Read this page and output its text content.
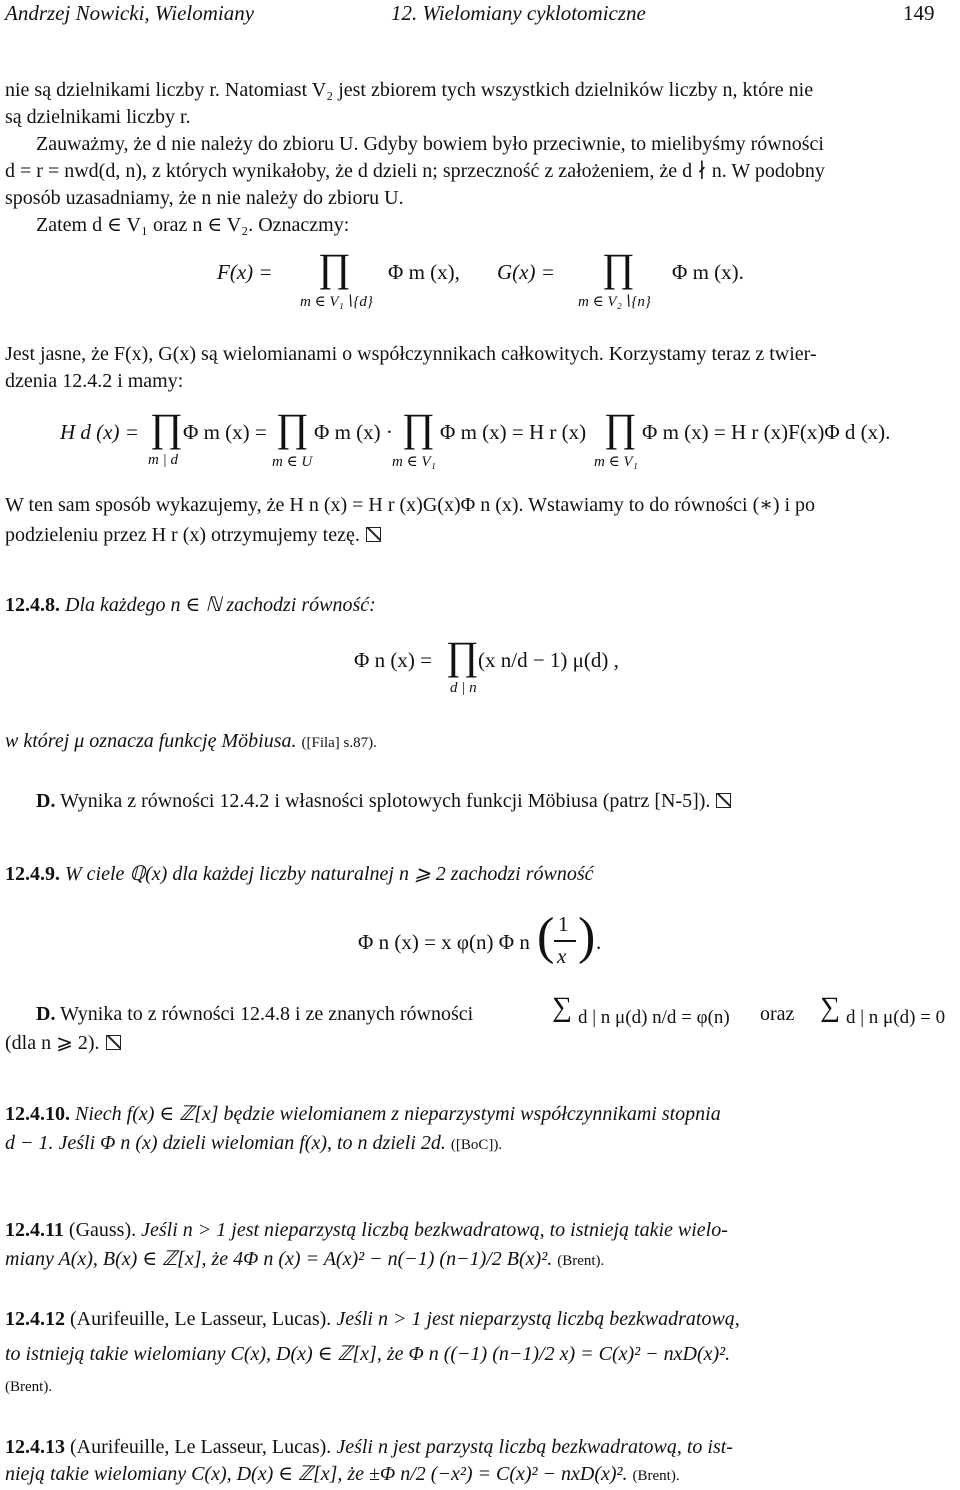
Andrzej Nowicki, Wielomiany	12. Wielomiany cyklotomiczne	149
nie są dzielnikami liczby r. Natomiast V₂ jest zbiorem tych wszystkich dzielników liczby n, które nie
są dzielnikami liczby r.
Zauważmy, że d nie należy do zbioru U. Gdyby bowiem było przeciwnie, to mielibyśmy równości
d = r = nwd(d, n), z których wynikałoby, że d dzieli n; sprzeczność z założeniem, że d ∤ n. W podobny
sposób uzasadniamy, że n nie należy do zbioru U.
Zatem d ∈ V₁ oraz n ∈ V₂. Oznaczmy:
F(x) = ∏ Φ m (x),
m ∈ V₁∖{d}
G(x) = ∏ Φ m (x).
m ∈ V₂∖{n}
Jest jasne, że F(x), G(x) są wielomianami o współczynnikach całkowitych. Korzystamy teraz z twier-
dzenia 12.4.2 i mamy:
H d (x) = ∏ Φ m (x) =
m | d
∏ Φ m (x) ·
m ∈ U
∏ Φ m (x) = H r (x)
m ∈ V₁
∏ Φ m (x) = H r (x)F(x)Φ d (x).
m ∈ V₁
W ten sam sposób wykazujemy, że H n (x) = H r (x)G(x)Φ n (x). Wstawiamy to do równości (∗) i po
podzieleniu przez H r (x) otrzymujemy tezę.
12.4.8. Dla każdego n ∈ ℕ zachodzi równość:
Φ n (x) = ∏ (x n/d − 1) μ(d) ,
d | n
w której μ oznacza funkcję Möbiusa. ([Fila] s.87).
D. Wynika z równości 12.4.2 i własności splotowych funkcji Möbiusa (patrz [N-5]).
12.4.9. W ciele ℚ(x) dla każdej liczby naturalnej n ⩾ 2 zachodzi równość
Φ n (x) = x φ(n) Φ n ( 1
x ) .
D. Wynika to z równości 12.4.8 i ze znanych równości	∑ d | n μ(d) n/d = φ(n) oraz ∑ d | n μ(d) = 0
(dla n ⩾ 2).
12.4.10. Niech f(x) ∈ ℤ[x] będzie wielomianem z nieparzystymi współczynnikami stopnia
d − 1. Jeśli Φ n (x) dzieli wielomian f(x), to n dzieli 2d. ([BoC]).
12.4.11 (Gauss). Jeśli n > 1 jest nieparzystą liczbą bezkwadratową, to istnieją takie wielo-
miany A(x), B(x) ∈ ℤ[x], że 4Φ n (x) = A(x)² − n(−1) (n−1)/2 B(x)². (Brent).
12.4.12 (Aurifeuille, Le Lasseur, Lucas). Jeśli n > 1 jest nieparzystą liczbą bezkwadratową,
to istnieją takie wielomiany C(x), D(x) ∈ ℤ[x], że Φ n ((−1) (n−1)/2 x) = C(x)² − nxD(x)².
(Brent).
12.4.13 (Aurifeuille, Le Lasseur, Lucas). Jeśli n jest parzystą liczbą bezkwadratową, to ist-
nieją takie wielomiany C(x), D(x) ∈ ℤ[x], że ±Φ n/2 (−x²) = C(x)² − nxD(x)². (Brent).
